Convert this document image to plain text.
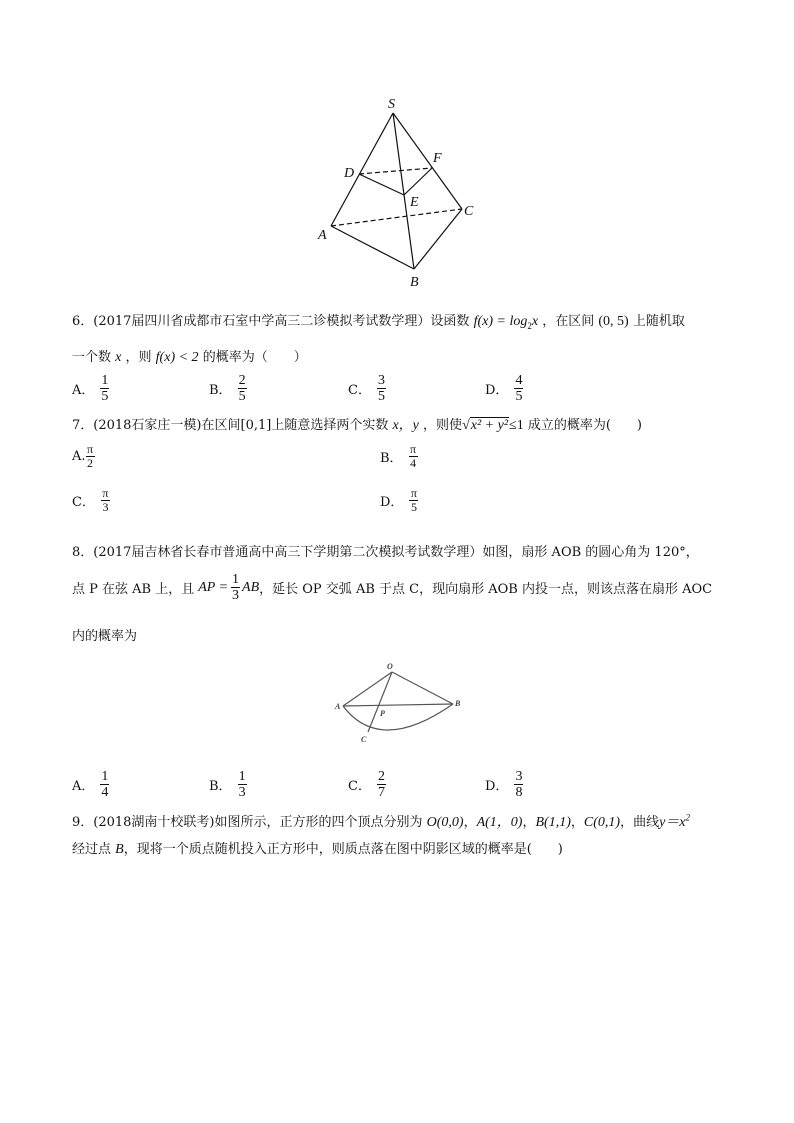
S
F
D
E
C
A
B
6．(2017届四川省成都市石室中学高三二诊模拟考试数学理）设函数 $f(x) = \log_2x$ ，在区间 (0, 5) 上随机取
一个数 x ，则 f(x) < 2 的概率为（　　）
A． $\frac{1}{5}$	B． $\frac{2}{5}$	C． $\frac{3}{5}$	D． $\frac{4}{5}$
7．(2018石家庄一模)在区间[0,1]上随意选择两个实数 x，y ，则使√x² + y²≤1 成立的概率为(　　)
A. $\frac{\pi}{2}$	B． $\frac{\pi}{4}$
C． $\frac{\pi}{3}$	D． $\frac{\pi}{5}$
8．(2017届吉林省长春市普通高中高三下学期第二次模拟考试数学理）如图，扇形 AOB 的圆心角为 120°，
点 P 在弦 AB 上，且 AP = $\frac{1}{3}$ AB ，延长 OP 交弧 AB 于点 C，现向扇形 AOB 内投一点，则该点落在扇形 AOC
内的概率为
O
A	B
P
C
A． $\frac{1}{4}$	B． $\frac{1}{3}$	C． $\frac{2}{7}$	D． $\frac{3}{8}$
9．(2018湖南十校联考)如图所示，正方形的四个顶点分别为 O(0,0)，A(1，0)，B(1,1)，C(0,1)，曲线$y=x^2$
经过点 B，现将一个质点随机投入正方形中，则质点落在图中阴影区域的概率是(　　)
